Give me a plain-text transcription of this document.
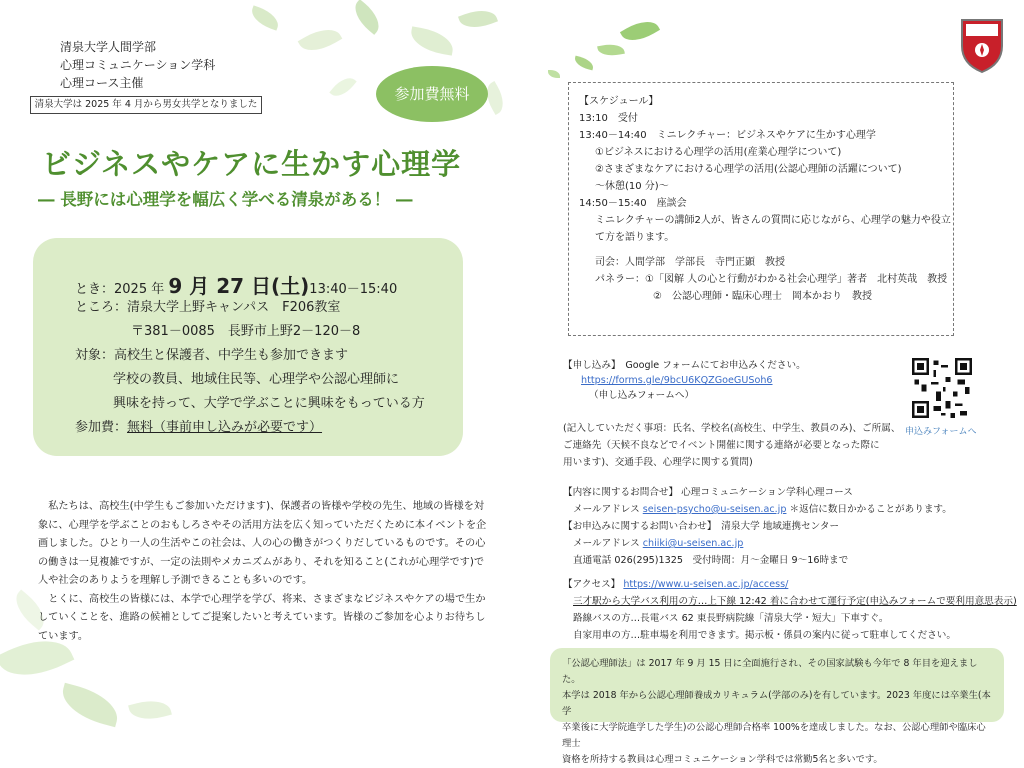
清泉大学人間学部
心理コミュニケーション学科
心理コース主催
清泉大学は 2025 年 4 月から男女共学となりました
参加費無料
ビジネスやケアに生かす心理学
― 長野には心理学を幅広く学べる清泉がある！ ―
とき：2025 年 9 月 27 日(土)13:40－15:40
ところ：清泉大学上野キャンパス　F206教室
〒381－0085　長野市上野2－120－8
対象：高校生と保護者、中学生も参加できます
学校の教員、地域住民等、心理学や公認心理師に
興味を持って、大学で学ぶことに興味をもっている方
参加費：無料（事前申し込みが必要です）

私たちは、高校生(中学生もご参加いただけます)、保護者の皆様や学校の先生、地域の皆様を対象に、心理学を学ぶことのおもしろさやその活用方法を広く知っていただくために本イベントを企画しました。ひとり一人の生活やこの社会は、人の心の働きがつくりだしているものです。その心の働きは一見複雑ですが、一定の法則やメカニズムがあり、それを知ること(これが心理学です)で人や社会のありようを理解し予測できることも多いのです。

とくに、高校生の皆様には、本学で心理学を学び、将来、さまざまなビジネスやケアの場で生かしていくことを、進路の候補としてご提案したいと考えています。皆様のご参加を心よりお待ちしています。

【スケジュール】
13:10　受付
13:40－14:40　ミニレクチャー：ビジネスやケアに生かす心理学
①ビジネスにおける心理学の活用(産業心理学について)
②さまざまなケアにおける心理学の活用(公認心理師の活躍について)
～休憩(10 分)～
14:50－15:40　座談会
ミニレクチャーの講師2人が、皆さんの質問に応じながら、心理学の魅力や役立
て方を語ります。
司会：人間学部　学部長　寺門正顕　教授
パネラー：①「図解 人の心と行動がわかる社会心理学」著者　北村英哉　教授
②　公認心理師・臨床心理士　岡本かおり　教授
【申し込み】　Google フォームにてお申込みください。
https://forms.gle/9bcU6KQZGoeGUSoh6
（申し込みフォームへ）
申込みフォームへ
(記入していただく事項：氏名、学校名(高校生、中学生、教員のみ)、ご所属、
ご連絡先（天候不良などでイベント開催に関する連絡が必要となった際に
用います)、交通手段、心理学に関する質問)
【内容に関するお問合せ】 心理コミュニケーション学科心理コース
メールアドレス seisen-psycho@u-seisen.ac.jp ＊返信に数日かかることがあります。
【お申込みに関するお問い合わせ】　清泉大学 地域連携センター
メールアドレス chiiki@u-seisen.ac.jp
直通電話 026(295)1325　受付時間：月～金曜日 9～16時まで
【アクセス】 https://www.u-seisen.ac.jp/access/
三才駅から大学バス利用の方…上下線 12:42 着に合わせて運行予定(申込みフォームで要利用意思表示)
路線バスの方…長電バス 62 東長野病院線「清泉大学・短大」下車すぐ。
自家用車の方…駐車場を利用できます。掲示板・係員の案内に従って駐車してください。
「公認心理師法」は 2017 年 9 月 15 日に全面施行され、その国家試験も今年で 8 年目を迎えました。
本学は 2018 年から公認心理師養成カリキュラム(学部のみ)を有しています。2023 年度には卒業生(本学
卒業後に大学院進学した学生)の公認心理師合格率 100%を達成しました。なお、公認心理師や臨床心理士
資格を所持する教員は心理コミュニケーション学科では常勤5名と多いです。
